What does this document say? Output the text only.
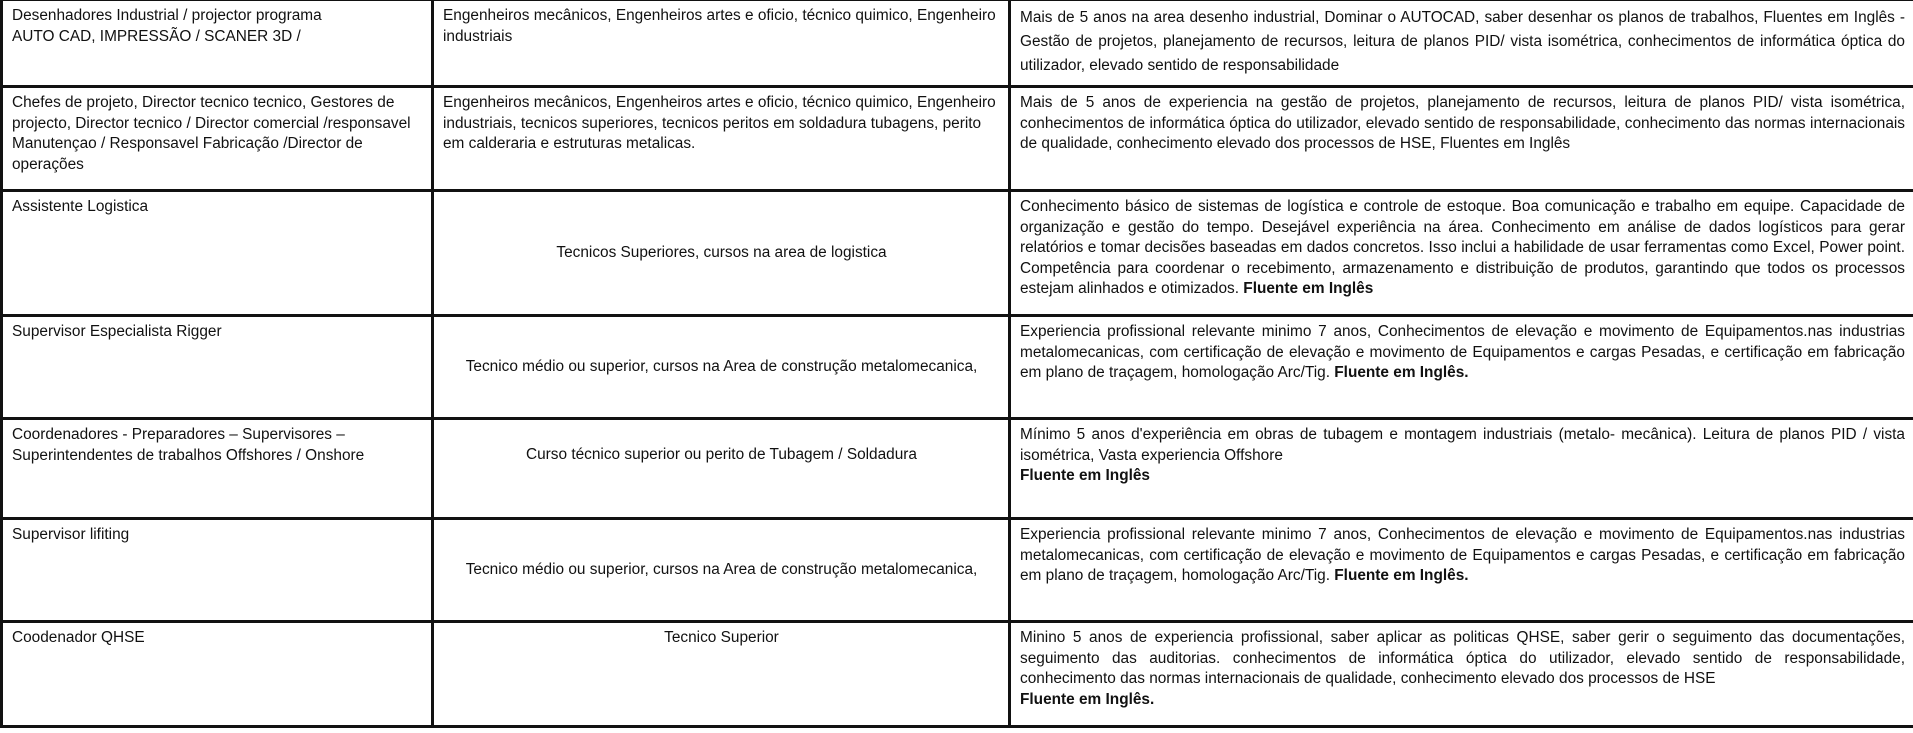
Desenhadores Industrial / projector programa
AUTO CAD, IMPRESSÃO / SCANER 3D /	Engenheiros mecânicos, Engenheiros artes e oficio, técnico quimico, Engenheiro industriais	Mais de 5 anos na area desenho industrial, Dominar o AUTOCAD, saber desenhar os planos de trabalhos, Fluentes em Inglês - Gestão de projetos, planejamento de recursos, leitura de planos PID/ vista isométrica, conhecimentos de informática óptica do utilizador, elevado sentido de responsabilidade
Chefes de projeto, Director tecnico tecnico, Gestores de projecto, Director tecnico / Director comercial /responsavel Manutençao / Responsavel Fabricação /Director de operações	Engenheiros mecânicos, Engenheiros artes e oficio, técnico quimico, Engenheiro industriais, tecnicos superiores, tecnicos peritos em soldadura tubagens, perito em calderaria e estruturas metalicas.	Mais de 5 anos de experiencia na gestão de projetos, planejamento de recursos, leitura de planos PID/ vista isométrica, conhecimentos de informática óptica do utilizador, elevado sentido de responsabilidade, conhecimento das normas internacionais de qualidade, conhecimento elevado dos processos de HSE, Fluentes em Inglês
Assistente Logistica	Tecnicos Superiores, cursos na area de logistica	Conhecimento básico de sistemas de logística e controle de estoque. Boa comunicação e trabalho em equipe. Capacidade de organização e gestão do tempo. Desejável experiência na área. Conhecimento em análise de dados logísticos para gerar relatórios e tomar decisões baseadas em dados concretos. Isso inclui a habilidade de usar ferramentas como Excel, Power point. Competência para coordenar o recebimento, armazenamento e distribuição de produtos, garantindo que todos os processos estejam alinhados e otimizados. Fluente em Inglês
Supervisor Especialista Rigger	Tecnico médio ou superior, cursos na Area de construção metalomecanica,	Experiencia profissional relevante minimo 7 anos, Conhecimentos de elevação e movimento de Equipamentos.nas industrias metalomecanicas, com certificação de elevação e movimento de Equipamentos e cargas Pesadas, e certificação em fabricação em plano de traçagem, homologação Arc/Tig. Fluente em Inglês.
Coordenadores - Preparadores – Supervisores – Superintendentes de trabalhos Offshores / Onshore	Curso técnico superior ou perito de Tubagem / Soldadura	Mínimo 5 anos d'experiência em obras de tubagem e montagem industriais (metalo- mecânica). Leitura de planos PID / vista isométrica, Vasta experiencia Offshore
Fluente em Inglês

Supervisor lifiting	Tecnico médio ou superior, cursos na Area de construção metalomecanica,	Experiencia profissional relevante minimo 7 anos, Conhecimentos de elevação e movimento de Equipamentos.nas industrias metalomecanicas, com certificação de elevação e movimento de Equipamentos e cargas Pesadas, e certificação em fabricação em plano de traçagem, homologação Arc/Tig. Fluente em Inglês.
Coodenador QHSE	Tecnico Superior	Minino 5 anos de experiencia profissional, saber aplicar as politicas QHSE, saber gerir o seguimento das documentações, seguimento das auditorias. conhecimentos de informática óptica do utilizador, elevado sentido de responsabilidade, conhecimento das normas internacionais de qualidade, conhecimento elevado dos processos de HSE
Fluente em Inglês.
